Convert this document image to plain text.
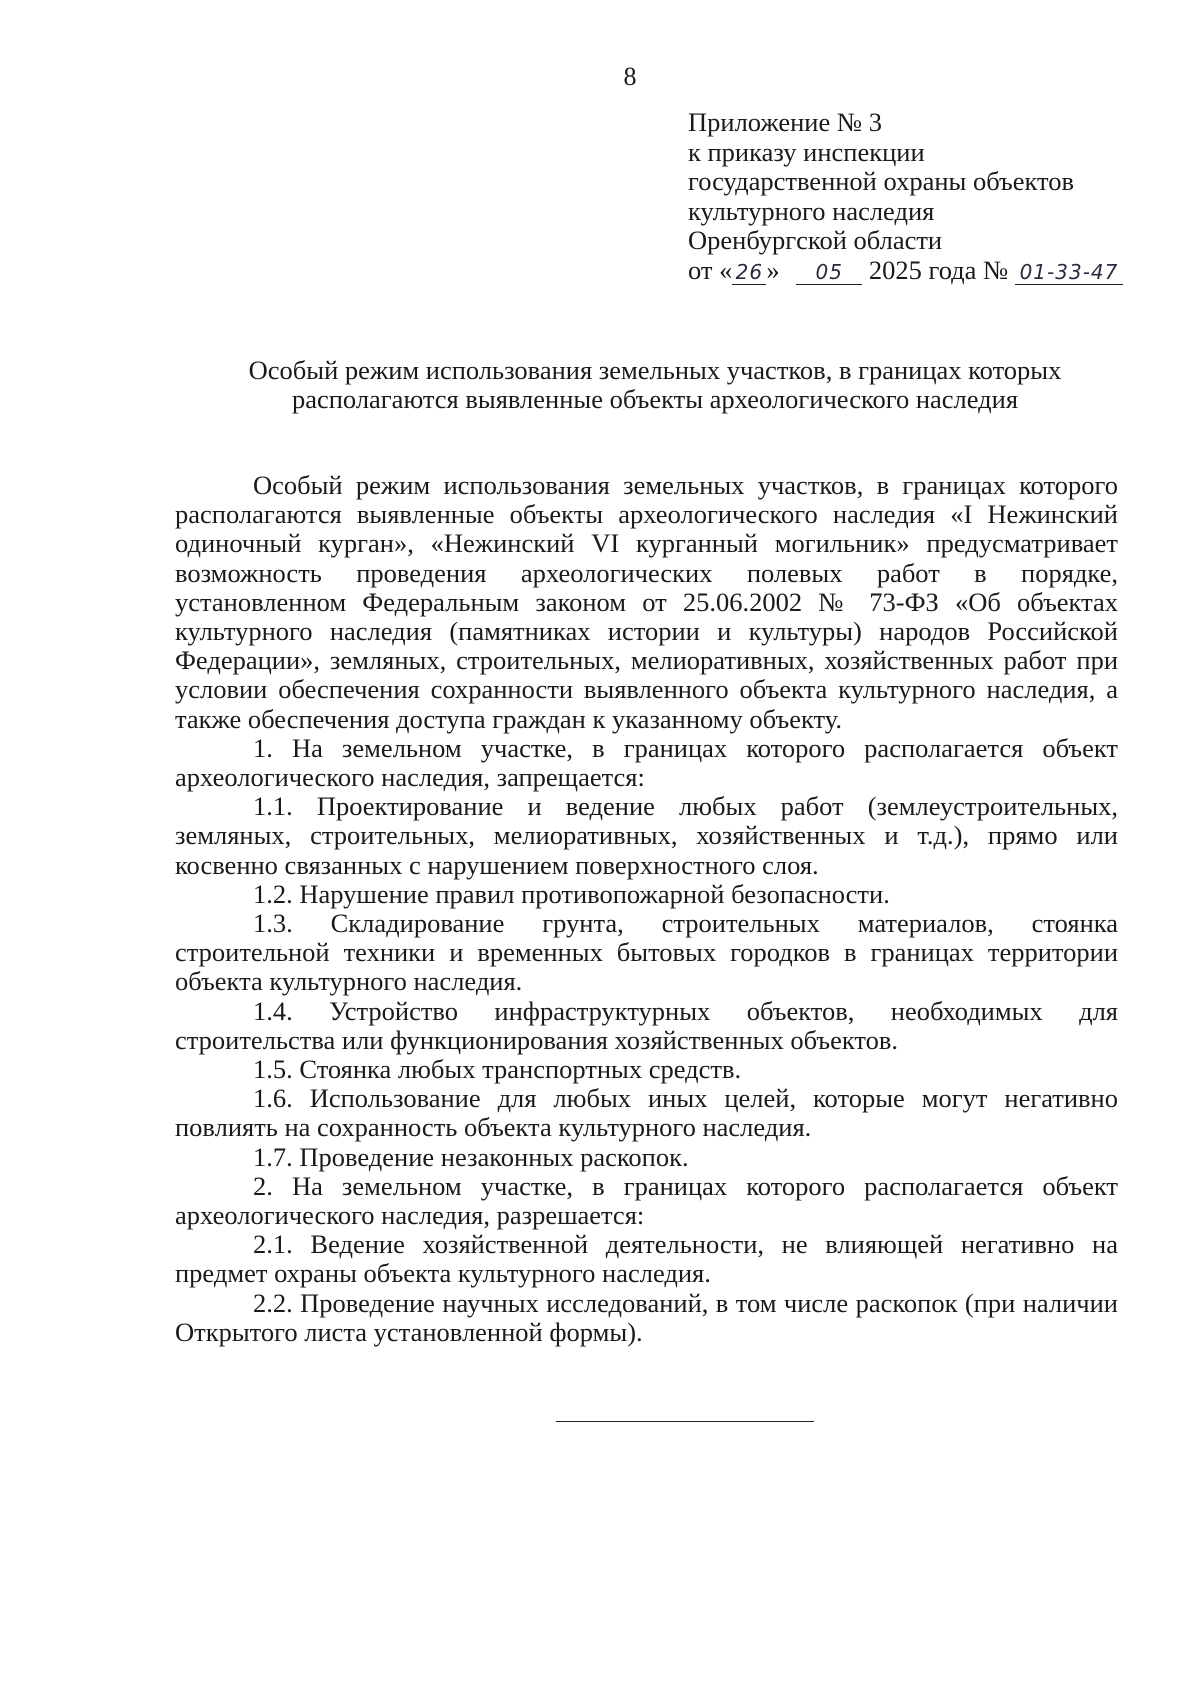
8
Приложение № 3
к приказу инспекции
государственной охраны объектов
культурного наследия
Оренбургской области
от « 26 » 05 2025 года № 01-33-47
Особый режим использования земельных участков, в границах которых
располагаются выявленные объекты археологического наследия

Особый режим использования земельных участков, в границах которого располагаются выявленные объекты археологического наследия «I Нежинский одиночный курган», «Нежинский VI курганный могильник» предусматривает возможность проведения археологических полевых работ в порядке, установленном Федеральным законом от 25.06.2002 № 73-ФЗ «Об объектах культурного наследия (памятниках истории и культуры) народов Российской Федерации», земляных, строительных, мелиоративных, хозяйственных работ при условии обеспечения сохранности выявленного объекта культурного наследия, а также обеспечения доступа граждан к указанному объекту.

1. На земельном участке, в границах которого располагается объект археологического наследия, запрещается:

1.1. Проектирование и ведение любых работ (землеустроительных, земляных, строительных, мелиоративных, хозяйственных и т.д.), прямо или косвенно связанных с нарушением поверхностного слоя.

1.2. Нарушение правил противопожарной безопасности.

1.3. Складирование грунта, строительных материалов, стоянка строительной техники и временных бытовых городков в границах территории объекта культурного наследия.

1.4. Устройство инфраструктурных объектов, необходимых для строительства или функционирования хозяйственных объектов.

1.5. Стоянка любых транспортных средств.

1.6. Использование для любых иных целей, которые могут негативно повлиять на сохранность объекта культурного наследия.

1.7. Проведение незаконных раскопок.

2. На земельном участке, в границах которого располагается объект археологического наследия, разрешается:

2.1. Ведение хозяйственной деятельности, не влияющей негативно на предмет охраны объекта культурного наследия.

2.2. Проведение научных исследований, в том числе раскопок (при наличии Открытого листа установленной формы).
